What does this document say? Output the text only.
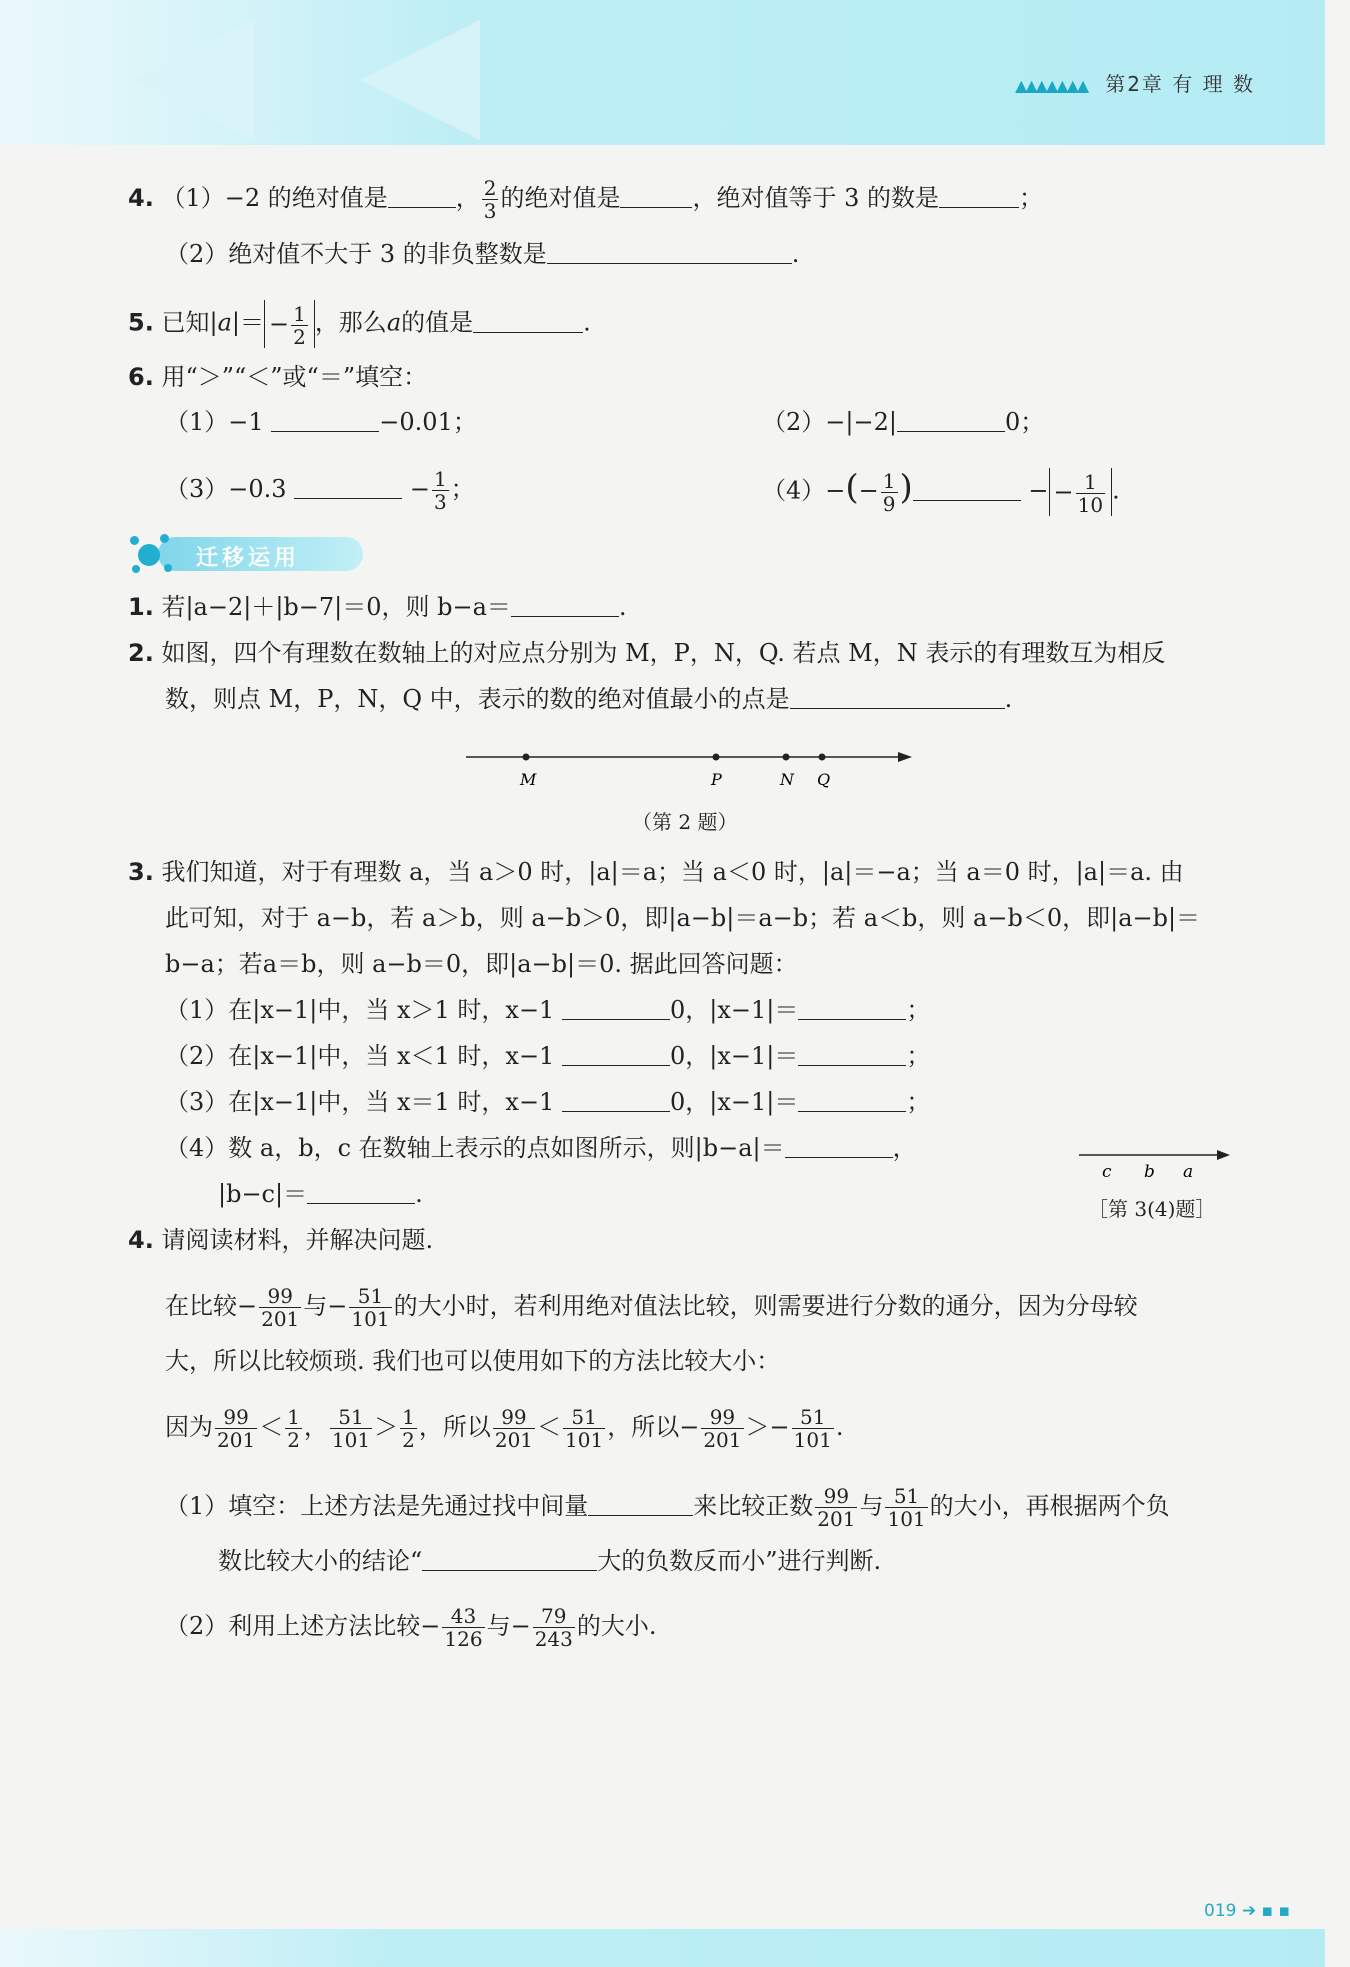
▲▲▲▲▲▲▲ 第2章 有 理 数
4. （1）−2 的绝对值是	， $\frac{2}{3}$ 的绝对值是	，绝对值等于 3 的数是	；
（2）绝对值不大于 3 的非负整数是	.
5. 已知$|a|= - \frac{1}{2}$ ，那么a的值是	.
6. 用“＞”“＜”或“＝”填空：
（1）−1	−0.01；	（2）−|−2|	0；
（3）−0.3	− $\frac{1}{3}$ ；	$(4)-(- \frac{1}{9}$ )	− − $\frac{1}{10}$ .
迁移运用
1. 若|a−2|＋|b−7|＝0，则 b−a＝	.
2. 如图，四个有理数在数轴上的对应点分别为 M，P，N，Q. 若点 M，N 表示的有理数互为相反
数，则点 M，P，N，Q 中，表示的数的绝对值最小的点是	.
M	P	N Q
（第 2 题）
3. 我们知道，对于有理数 a，当 a＞0 时，|a|＝a；当 a＜0 时，|a|＝−a；当 a＝0 时，|a|＝a. 由
此可知，对于 a−b，若 a＞b，则 a−b＞0，即|a−b|＝a−b；若 a＜b，则 a−b＜0，即|a−b|＝
b−a；若a＝b，则 a−b＝0，即|a−b|＝0. 据此回答问题：
（1）在|x−1|中，当 x＞1 时，x−1	0，|x−1|＝	；
（2）在|x−1|中，当 x＜1 时，x−1	0，|x−1|＝	；
（3）在|x−1|中，当 x＝1 时，x−1	0，|x−1|＝	；
（4）数 a，b，c 在数轴上表示的点如图所示，则|b−a|＝	，
|b−c|＝	.
c b a
［第 3(4)题］
4. 请阅读材料，并解决问题.
在比较− $\frac{99}{201}$ 与− $\frac{51}{101}$ 的大小时，若利用绝对值法比较，则需要进行分数的通分，因为分母较
大，所以比较烦琐. 我们也可以使用如下的方法比较大小：
因为 $\frac{99}{201} < \frac{1}{2}$ ， $\frac{51}{101} > \frac{1}{2}$ ，所以 $\frac{99}{201} < \frac{51}{101}$ ，所以− $\frac{99}{201} >- \frac{51}{101}$ .
（1）填空：上述方法是先通过找中间量	来比较正数 $\frac{99}{201}$ 与 $\frac{51}{101}$ 的大小，再根据两个负
数比较大小的结论“	大的负数反而小”进行判断.
（2）利用上述方法比较− $\frac{43}{126}$ 与− $\frac{79}{243}$ 的大小.
019 ➔ ▪ ▪
